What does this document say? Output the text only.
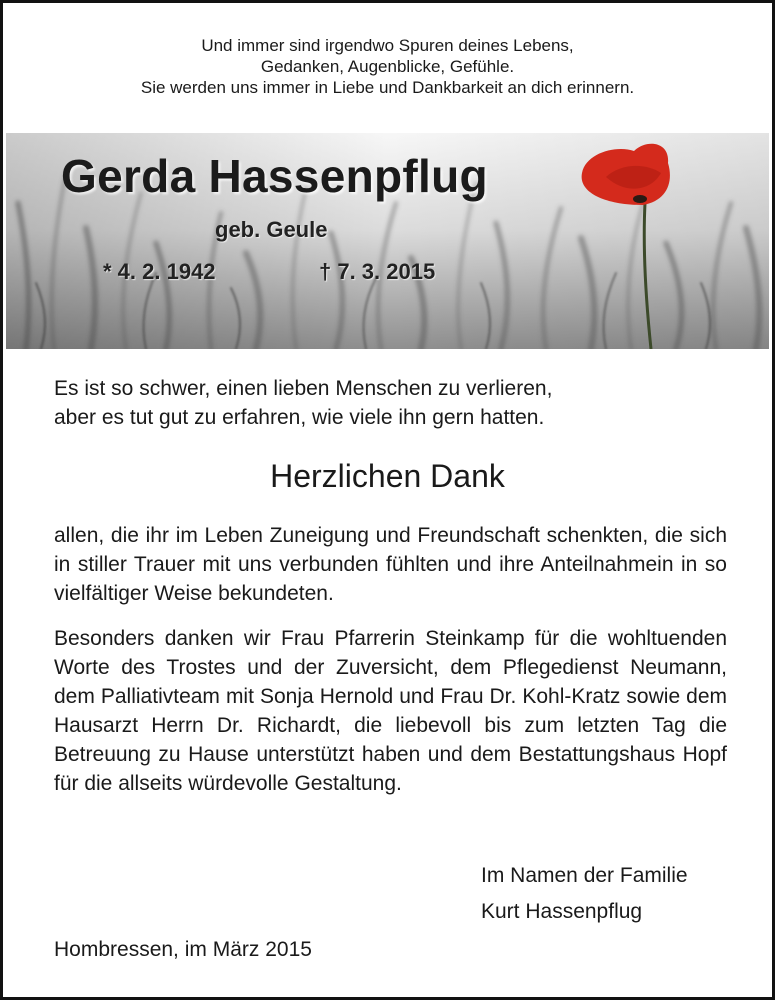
Und immer sind irgendwo Spuren deines Lebens,
Gedanken, Augenblicke, Gefühle.
Sie werden uns immer in Liebe und Dankbarkeit an dich erinnern.
Gerda Hassenpflug
geb. Geule
* 4. 2. 1942	† 7. 3. 2015
Es ist so schwer, einen lieben Menschen zu verlieren,
aber es tut gut zu erfahren, wie viele ihn gern hatten.
Herzlichen Dank
allen, die ihr im Leben Zuneigung und Freundschaft schenkten, die sich in stiller Trauer mit uns verbunden fühlten und ihre Anteilnahmein in so vielfältiger Weise bekundeten.
Besonders danken wir Frau Pfarrerin Steinkamp für die wohltuenden Worte des Trostes und der Zuversicht, dem Pflegedienst Neumann, dem Palliativteam mit Sonja Hernold und Frau Dr. Kohl-Kratz sowie dem Hausarzt Herrn Dr. Richardt, die liebevoll bis zum letzten Tag die Betreuung zu Hause unterstützt haben und dem Bestattungshaus Hopf für die allseits würdevolle Gestaltung.
Im Namen der Familie
Kurt Hassenpflug
Hombressen, im März 2015
